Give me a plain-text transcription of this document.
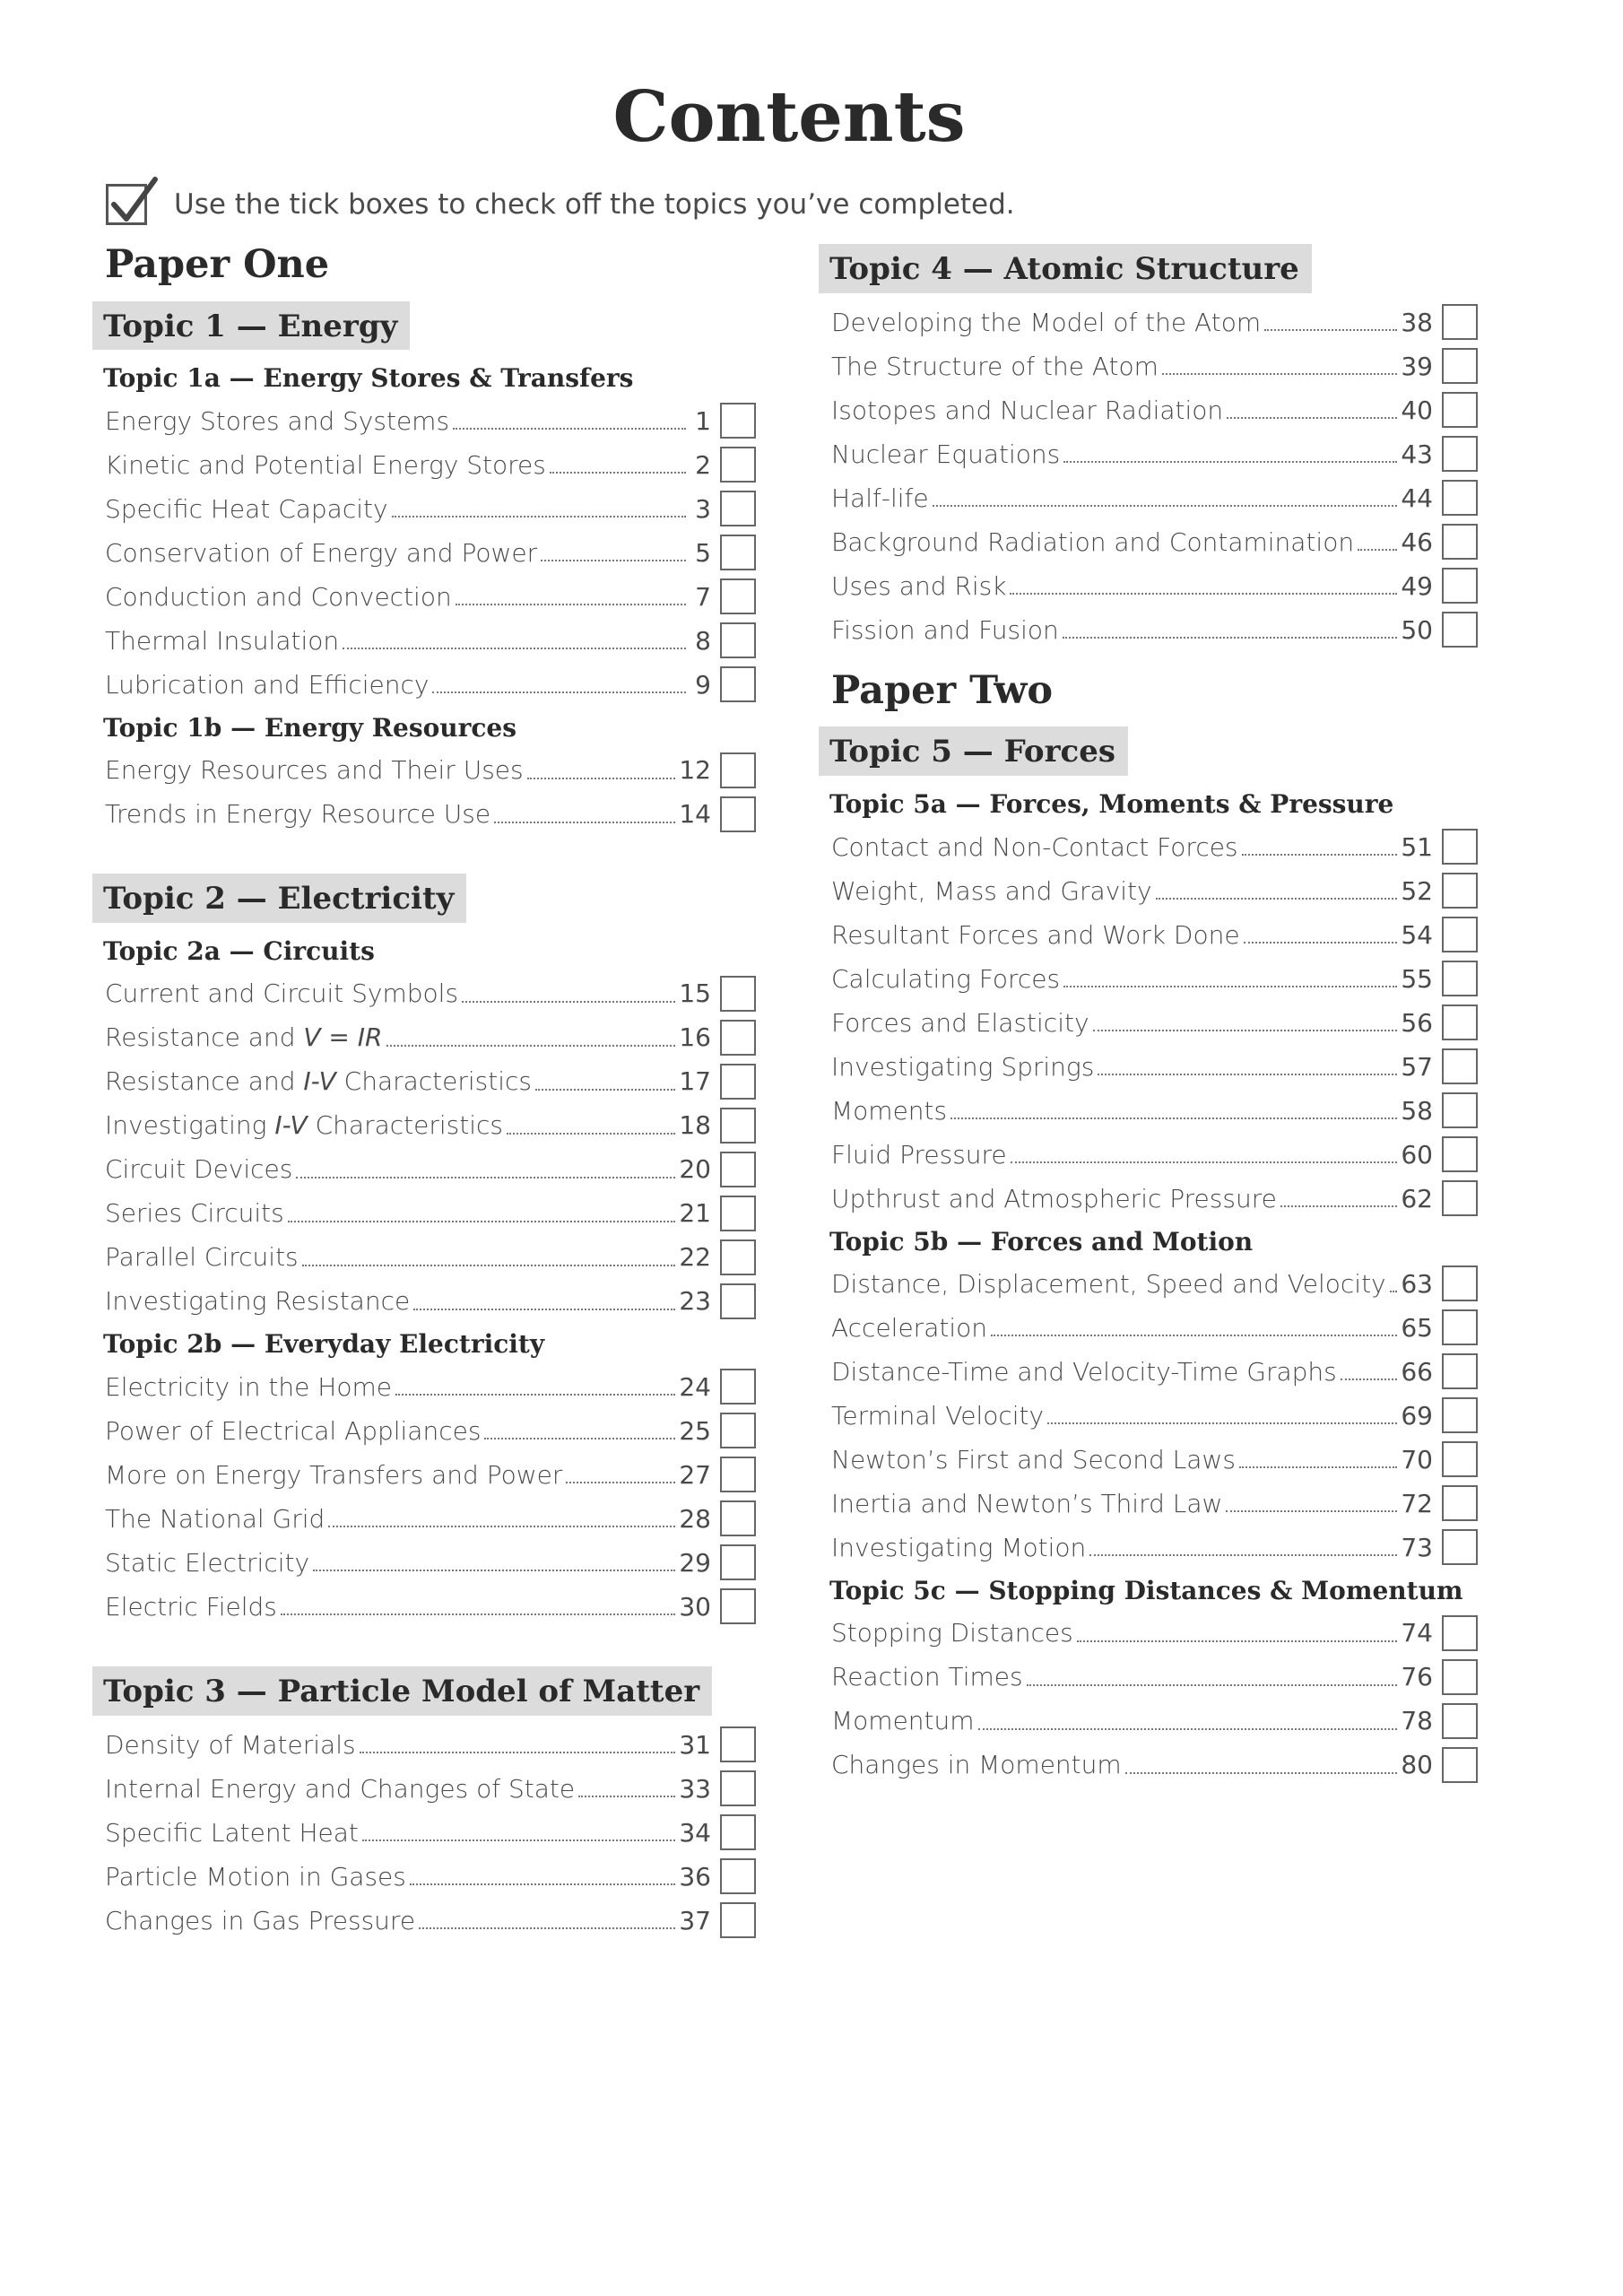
Contents
Use the tick boxes to check off the topics you’ve completed.
Paper One
Topic 1 — Energy
Topic 1a — Energy Stores & Transfers
Energy Stores and Systems	1
Kinetic and Potential Energy Stores	2
Specific Heat Capacity	3
Conservation of Energy and Power	5
Conduction and Convection	7
Thermal Insulation	8
Lubrication and Efficiency	9
Topic 1b — Energy Resources
Energy Resources and Their Uses	12
Trends in Energy Resource Use	14
Topic 2 — Electricity
Topic 2a — Circuits
Current and Circuit Symbols	15
Resistance and V = IR	16
Resistance and I-V Characteristics	17
Investigating I-V Characteristics	18
Circuit Devices	20
Series Circuits	21
Parallel Circuits	22
Investigating Resistance	23
Topic 2b — Everyday Electricity
Electricity in the Home	24
Power of Electrical Appliances	25
More on Energy Transfers and Power	27
The National Grid	28
Static Electricity	29
Electric Fields	30
Topic 3 — Particle Model of Matter
Density of Materials	31
Internal Energy and Changes of State	33
Specific Latent Heat	34
Particle Motion in Gases	36
Changes in Gas Pressure	37
Topic 4 — Atomic Structure
Developing the Model of the Atom	38
The Structure of the Atom	39
Isotopes and Nuclear Radiation	40
Nuclear Equations	43
Half-life	44
Background Radiation and Contamination 46
Uses and Risk	49
Fission and Fusion	50
Paper Two
Topic 5 — Forces
Topic 5a — Forces, Moments & Pressure
Contact and Non-Contact Forces	51
Weight, Mass and Gravity	52
Resultant Forces and Work Done	54
Calculating Forces	55
Forces and Elasticity	56
Investigating Springs	57
Moments	58
Fluid Pressure	60
Upthrust and Atmospheric Pressure	62
Topic 5b — Forces and Motion
Distance, Displacement, Speed and Velocity 63
Acceleration	65
Distance-Time and Velocity-Time Graphs	66
Terminal Velocity	69
Newton’s First and Second Laws	70
Inertia and Newton’s Third Law	72
Investigating Motion	73
Topic 5c — Stopping Distances & Momentum
Stopping Distances	74
Reaction Times	76
Momentum	78
Changes in Momentum	80
